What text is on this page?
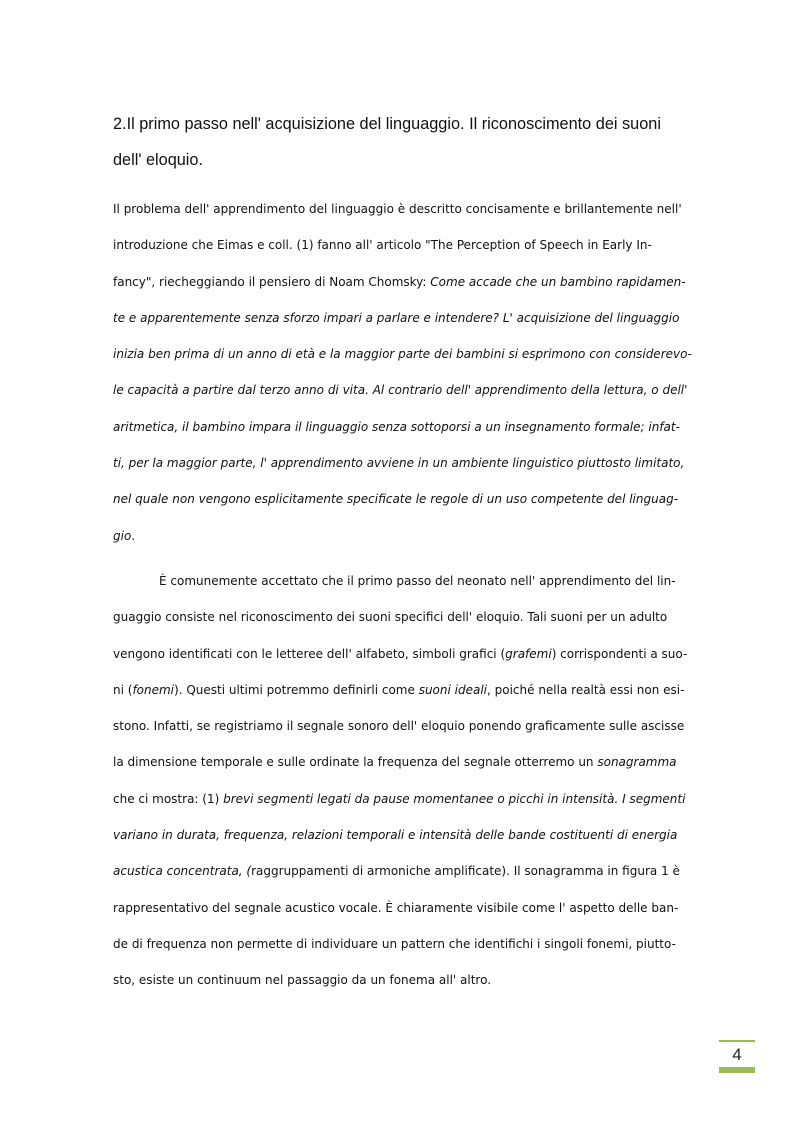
2.Il primo passo nell' acquisizione del linguaggio. Il riconoscimento dei suoni
dell' eloquio.
Il problema dell' apprendimento del linguaggio è descritto concisamente e brillantemente nell'
introduzione che Eimas e coll. (1) fanno all' articolo "The Perception of Speech in Early In-
fancy", riecheggiando il pensiero di Noam Chomsky: Come accade che un bambino rapidamen-
te e apparentemente senza sforzo impari a parlare e intendere? L' acquisizione del linguaggio
inizia ben prima di un anno di età e la maggior parte dei bambini si esprimono con considerevo-
le capacità a partire dal terzo anno di vita. Al contrario dell' apprendimento della lettura, o dell'
aritmetica, il bambino impara il linguaggio senza sottoporsi a un insegnamento formale; infat-
ti, per la maggior parte, l' apprendimento avviene in un ambiente linguistico piuttosto limitato,
nel quale non vengono esplicitamente specificate le regole di un uso competente del linguag-
gio.
È comunemente accettato che il primo passo del neonato nell' apprendimento del lin-
guaggio consiste nel riconoscimento dei suoni specifici dell' eloquio. Tali suoni per un adulto
vengono identificati con le letteree dell' alfabeto, simboli grafici (grafemi) corrispondenti a suo-
ni (fonemi). Questi ultimi potremmo definirli come suoni ideali, poiché nella realtà essi non esi-
stono. Infatti, se registriamo il segnale sonoro dell' eloquio ponendo graficamente sulle ascisse
la dimensione temporale e sulle ordinate la frequenza del segnale otterremo un sonagramma
che ci mostra: (1) brevi segmenti legati da pause momentanee o picchi in intensità. I segmenti
variano in durata, frequenza, relazioni temporali e intensità delle bande costituenti di energia
acustica concentrata, (raggruppamenti di armoniche amplificate). Il sonagramma in figura 1 è
rappresentativo del segnale acustico vocale. È chiaramente visibile come l' aspetto delle ban-
de di frequenza non permette di individuare un pattern che identifichi i singoli fonemi, piutto-
sto, esiste un continuum nel passaggio da un fonema all' altro.
4
